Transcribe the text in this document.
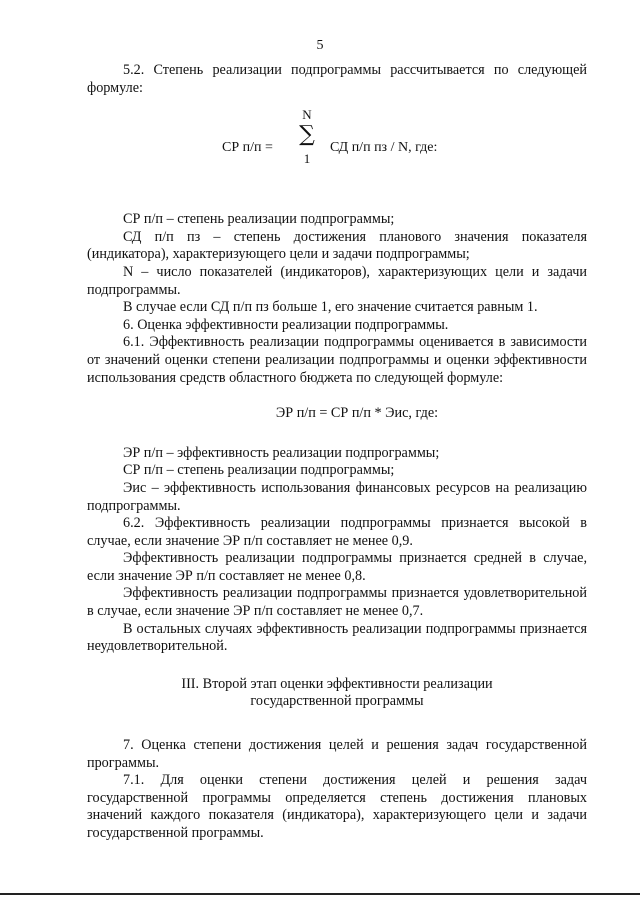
5

5.2. Степень реализации подпрограммы рассчитывается по следующей формуле:

СР п/п =
N
∑
1
СД п/п пз / N, где:

СР п/п – степень реализации подпрограммы;

СД п/п пз – степень достижения планового значения показателя (индикатора), характеризующего цели и задачи подпрограммы;

N – число показателей (индикаторов), характеризующих цели и задачи подпрограммы.

В случае если СД п/п пз больше 1, его значение считается равным 1.

6. Оценка эффективности реализации подпрограммы.

6.1. Эффективность реализации подпрограммы оценивается в зависимости от значений оценки степени реализации подпрограммы и оценки эффективности использования средств областного бюджета по следующей формуле:

ЭР п/п = СР п/п * Эис, где:

ЭР п/п – эффективность реализации подпрограммы;

СР п/п – степень реализации подпрограммы;

Эис – эффективность использования финансовых ресурсов на реализацию подпрограммы.

6.2. Эффективность реализации подпрограммы признается высокой в случае, если значение ЭР п/п составляет не менее 0,9.

Эффективность реализации подпрограммы признается средней в случае, если значение ЭР п/п составляет не менее 0,8.

Эффективность реализации подпрограммы признается удовлетворительной в случае, если значение ЭР п/п составляет не менее 0,7.

В остальных случаях эффективность реализации подпрограммы признается неудовлетворительной.

III. Второй этап оценки эффективности реализации
государственной программы

7. Оценка степени достижения целей и решения задач государственной программы.

7.1. Для оценки степени достижения целей и решения задач государственной программы определяется степень достижения плановых значений каждого показателя (индикатора), характеризующего цели и задачи государственной программы.
